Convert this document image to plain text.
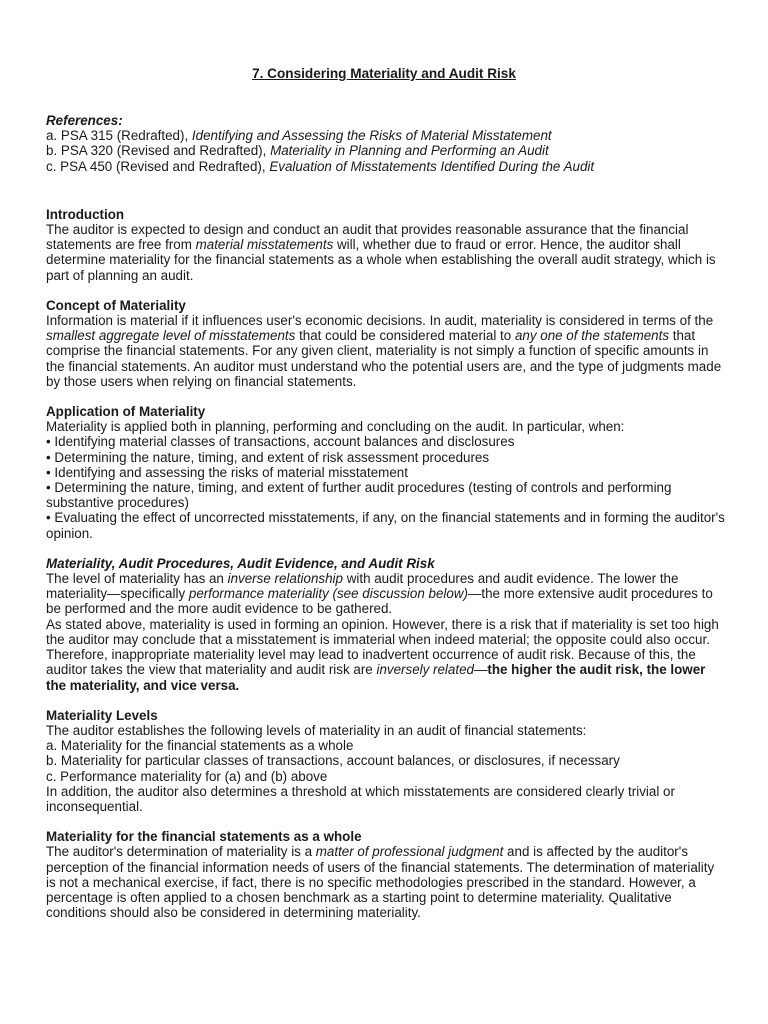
7. Considering Materiality and Audit Risk

References:

a. PSA 315 (Redrafted), Identifying and Assessing the Risks of Material Misstatement

b. PSA 320 (Revised and Redrafted), Materiality in Planning and Performing an Audit

c. PSA 450 (Revised and Redrafted), Evaluation of Misstatements Identified During the Audit

Introduction

The auditor is expected to design and conduct an audit that provides reasonable assurance that the financial statements are free from material misstatements will, whether due to fraud or error. Hence, the auditor shall determine materiality for the financial statements as a whole when establishing the overall audit strategy, which is part of planning an audit.

Concept of Materiality

Information is material if it influences user's economic decisions. In audit, materiality is considered in terms of the smallest aggregate level of misstatements that could be considered material to any one of the statements that comprise the financial statements. For any given client, materiality is not simply a function of specific amounts in the financial statements. An auditor must understand who the potential users are, and the type of judgments made by those users when relying on financial statements.

Application of Materiality

Materiality is applied both in planning, performing and concluding on the audit. In particular, when:

• Identifying material classes of transactions, account balances and disclosures

• Determining the nature, timing, and extent of risk assessment procedures

• Identifying and assessing the risks of material misstatement

• Determining the nature, timing, and extent of further audit procedures (testing of controls and performing substantive procedures)

• Evaluating the effect of uncorrected misstatements, if any, on the financial statements and in forming the auditor's opinion.

Materiality, Audit Procedures, Audit Evidence, and Audit Risk

The level of materiality has an inverse relationship with audit procedures and audit evidence. The lower the materiality—specifically performance materiality (see discussion below)—the more extensive audit procedures to be performed and the more audit evidence to be gathered.

As stated above, materiality is used in forming an opinion. However, there is a risk that if materiality is set too high the auditor may conclude that a misstatement is immaterial when indeed material; the opposite could also occur. Therefore, inappropriate materiality level may lead to inadvertent occurrence of audit risk. Because of this, the auditor takes the view that materiality and audit risk are inversely related—the higher the audit risk, the lower the materiality, and vice versa.

Materiality Levels

The auditor establishes the following levels of materiality in an audit of financial statements:

a. Materiality for the financial statements as a whole

b. Materiality for particular classes of transactions, account balances, or disclosures, if necessary

c. Performance materiality for (a) and (b) above

In addition, the auditor also determines a threshold at which misstatements are considered clearly trivial or inconsequential.

Materiality for the financial statements as a whole

The auditor's determination of materiality is a matter of professional judgment and is affected by the auditor's perception of the financial information needs of users of the financial statements. The determination of materiality is not a mechanical exercise, if fact, there is no specific methodologies prescribed in the standard. However, a percentage is often applied to a chosen benchmark as a starting point to determine materiality. Qualitative conditions should also be considered in determining materiality.
